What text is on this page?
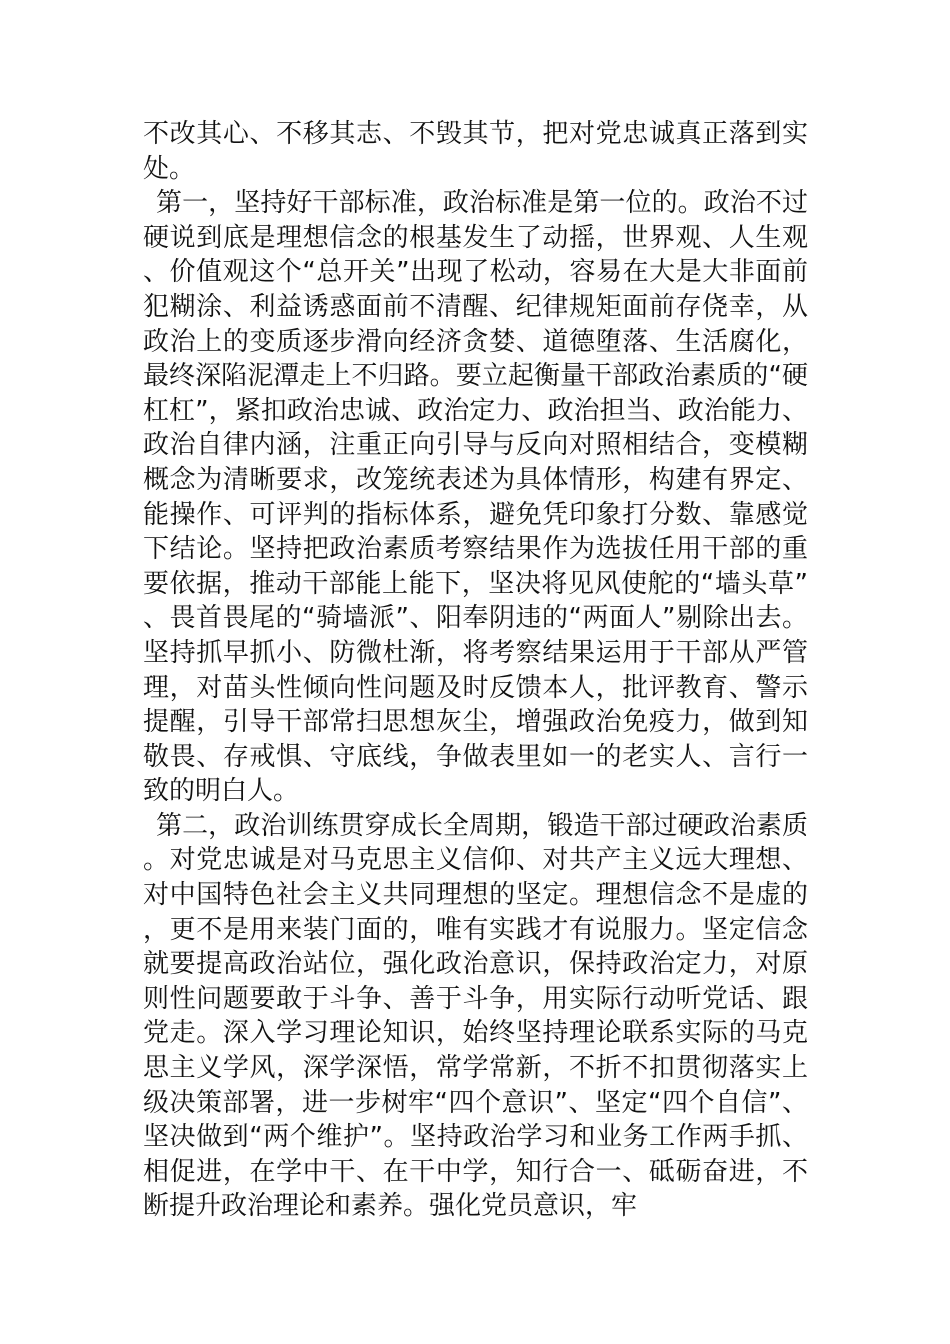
不改其心、不移其志、不毁其节，把对党忠诚真正落到实处。

第一，坚持好干部标准，政治标准是第一位的。政治不过硬说到底是理想信念的根基发生了动摇，世界观、人生观、价值观这个“总开关”出现了松动，容易在大是大非面前犯糊涂、利益诱惑面前不清醒、纪律规矩面前存侥幸，从政治上的变质逐步滑向经济贪婪、道德堕落、生活腐化，最终深陷泥潭走上不归路。要立起衡量干部政治素质的“硬杠杠”，紧扣政治忠诚、政治定力、政治担当、政治能力、政治自律内涵，注重正向引导与反向对照相结合，变模糊概念为清晰要求，改笼统表述为具体情形，构建有界定、能操作、可评判的指标体系，避免凭印象打分数、靠感觉下结论。坚持把政治素质考察结果作为选拔任用干部的重要依据，推动干部能上能下，坚决将见风使舵的“墙头草”、畏首畏尾的“骑墙派”、阳奉阴违的“两面人”剔除出去。坚持抓早抓小、防微杜渐，将考察结果运用于干部从严管理，对苗头性倾向性问题及时反馈本人，批评教育、警示提醒，引导干部常扫思想灰尘，增强政治免疫力，做到知敬畏、存戒惧、守底线，争做表里如一的老实人、言行一致的明白人。

第二，政治训练贯穿成长全周期，锻造干部过硬政治素质。对党忠诚是对马克思主义信仰、对共产主义远大理想、对中国特色社会主义共同理想的坚定。理想信念不是虚的，更不是用来装门面的，唯有实践才有说服力。坚定信念就要提高政治站位，强化政治意识，保持政治定力，对原则性问题要敢于斗争、善于斗争，用实际行动听党话、跟党走。深入学习理论知识，始终坚持理论联系实际的马克思主义学风，深学深悟，常学常新，不折不扣贯彻落实上级决策部署，进一步树牢“四个意识”、坚定“四个自信”、坚决做到“两个维护”。坚持政治学习和业务工作两手抓、相促进，在学中干、在干中学，知行合一、砥砺奋进，不断提升政治理论和素养。强化党员意识，牢
